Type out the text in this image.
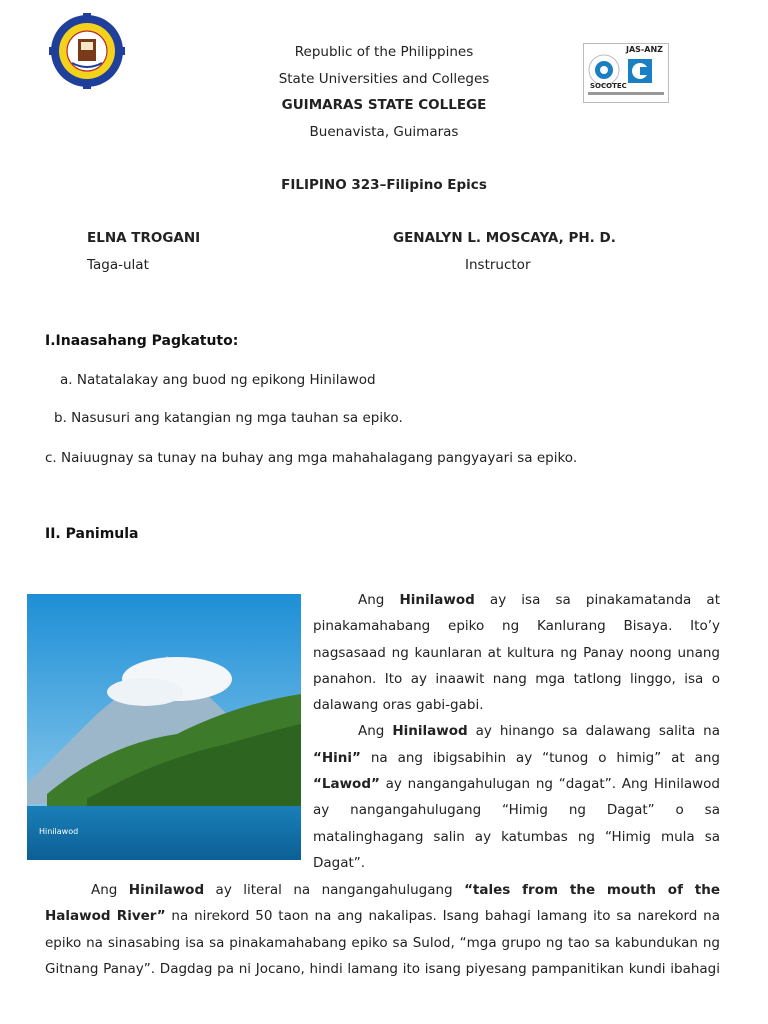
JAS-ANZ
SOCOTEC
Republic of the Philippines
State Universities and Colleges
GUIMARAS STATE COLLEGE
Buenavista, Guimaras
FILIPINO 323–Filipino Epics
ELNA TROGANI
Taga-ulat
GENALYN L. MOSCAYA, PH. D.
Instructor
I.Inaasahang Pagkatuto:
a. Natatalakay ang buod ng epikong Hinilawod
b. Nasusuri ang katangian ng mga tauhan sa epiko.
c. Naiuugnay sa tunay na buhay ang mga mahahalagang pangyayari sa epiko.
II. Panimula
Hinilawod
Ang Hinilawod ay isa sa pinakamatanda at
pinakamahabang epiko ng Kanlurang Bisaya. Ito’y
nagsasaad ng kaunlaran at kultura ng Panay noong unang
panahon. Ito ay inaawit nang mga tatlong linggo, isa o
dalawang oras gabi-gabi.
Ang Hinilawod ay hinango sa dalawang salita na
“Hini” na ang ibigsabihin ay “tunog o himig” at ang
“Lawod” ay nangangahulugan ng “dagat”. Ang Hinilawod
ay nangangahulugang “Himig ng Dagat” o sa
matalinghagang salin ay katumbas ng “Himig mula sa
Dagat”.
Ang Hinilawod ay literal na nangangahulugang “tales from the mouth of the
Halawod River” na nirekord 50 taon na ang nakalipas. Isang bahagi lamang ito sa narekord na
epiko na sinasabing isa sa pinakamahabang epiko sa Sulod, “mga grupo ng tao sa kabundukan ng
Gitnang Panay”. Dagdag pa ni Jocano, hindi lamang ito isang piyesang pampanitikan kundi ibahagi
